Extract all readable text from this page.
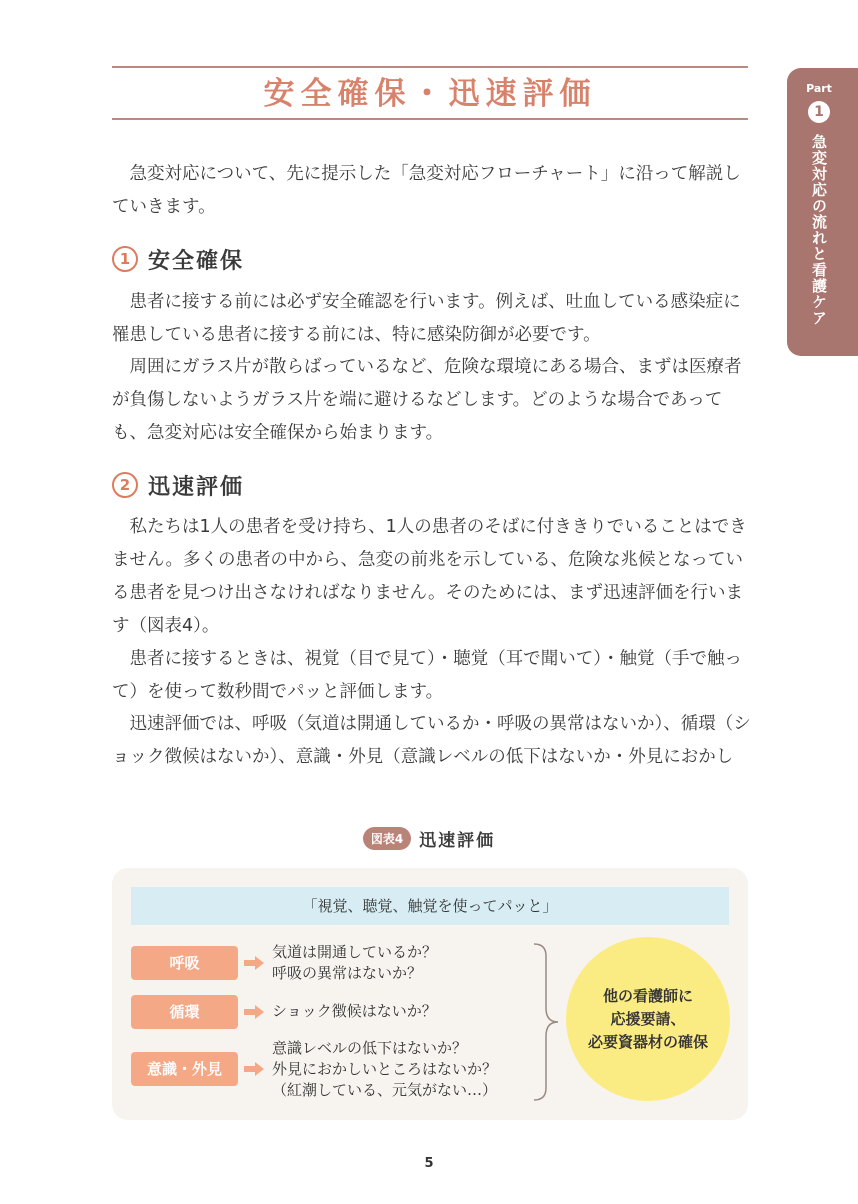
安全確保・迅速評価	Part
1
急変対応の流れと看護ケア

急変対応について、先に提示した「急変対応フローチャート」に沿って解説していきます。

1 安全確保

患者に接する前には必ず安全確認を行います。例えば、吐血している感染症に罹患している患者に接する前には、特に感染防御が必要です。

周囲にガラス片が散らばっているなど、危険な環境にある場合、まずは医療者が負傷しないようガラス片を端に避けるなどします。どのような場合であっても、急変対応は安全確保から始まります。

2 迅速評価

私たちは1人の患者を受け持ち、1人の患者のそばに付ききりでいることはできません。多くの患者の中から、急変の前兆を示している、危険な兆候となっている患者を見つけ出さなければなりません。そのためには、まず迅速評価を行います（図表4）。

患者に接するときは、視覚（目で見て）・聴覚（耳で聞いて）・触覚（手で触って）を使って数秒間でパッと評価します。

迅速評価では、呼吸（気道は開通しているか・呼吸の異常はないか）、循環（ショック徴候はないか）、意識・外見（意識レベルの低下はないか・外見におかし

図表4 迅速評価
「視覚、聴覚、触覚を使ってパッと」
呼吸

気道は開通しているか？
呼吸の異常はないか？

循環	ショック徴候はないか？

意識・外見

意識レベルの低下はないか？
外見におかしいところはないか？
（紅潮している、元気がない…）

他の看護師に
応援要請、
必要資器材の確保
5
